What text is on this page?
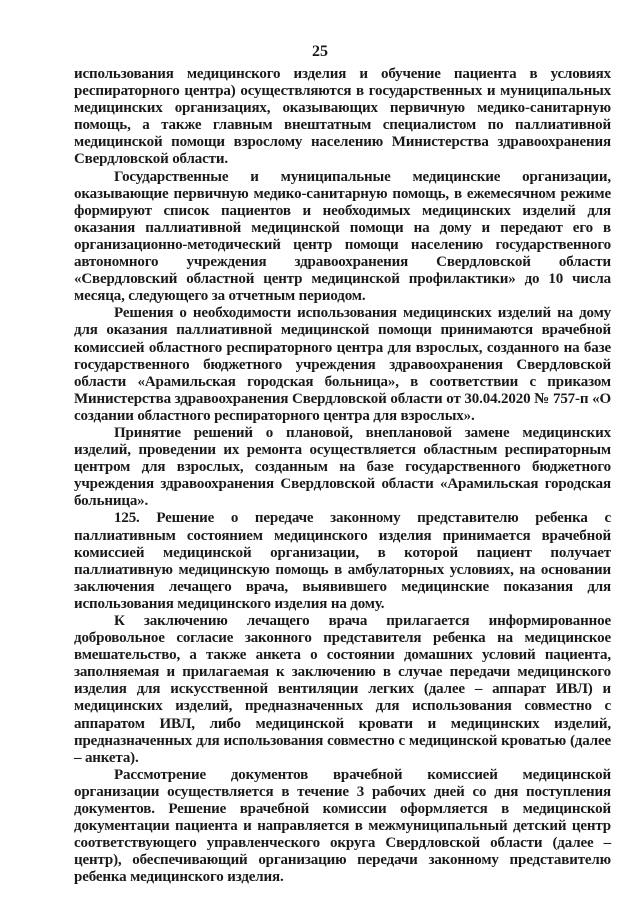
25

использования медицинского изделия и обучение пациента в условиях респираторного центра) осуществляются в государственных и муниципальных медицинских организациях, оказывающих первичную медико-санитарную помощь, а также главным внештатным специалистом по паллиативной медицинской помощи взрослому населению Министерства здравоохранения Свердловской области.

Государственные и муниципальные медицинские организации, оказывающие первичную медико-санитарную помощь, в ежемесячном режиме формируют список пациентов и необходимых медицинских изделий для оказания паллиативной медицинской помощи на дому и передают его в организационно-методический центр помощи населению государственного автономного учреждения здравоохранения Свердловской области «Свердловский областной центр медицинской профилактики» до 10 числа месяца, следующего за отчетным периодом.

Решения о необходимости использования медицинских изделий на дому для оказания паллиативной медицинской помощи принимаются врачебной комиссией областного респираторного центра для взрослых, созданного на базе государственного бюджетного учреждения здравоохранения Свердловской области «Арамильская городская больница», в соответствии с приказом Министерства здравоохранения Свердловской области от 30.04.2020 № 757-п «О создании областного респираторного центра для взрослых».

Принятие решений о плановой, внеплановой замене медицинских изделий, проведении их ремонта осуществляется областным респираторным центром для взрослых, созданным на базе государственного бюджетного учреждения здравоохранения Свердловской области «Арамильская городская больница».

125. Решение о передаче законному представителю ребенка с паллиативным состоянием медицинского изделия принимается врачебной комиссией медицинской организации, в которой пациент получает паллиативную медицинскую помощь в амбулаторных условиях, на основании заключения лечащего врача, выявившего медицинские показания для использования медицинского изделия на дому.

К заключению лечащего врача прилагается информированное добровольное согласие законного представителя ребенка на медицинское вмешательство, а также анкета о состоянии домашних условий пациента, заполняемая и прилагаемая к заключению в случае передачи медицинского изделия для искусственной вентиляции легких (далее – аппарат ИВЛ) и медицинских изделий, предназначенных для использования совместно с аппаратом ИВЛ, либо медицинской кровати и медицинских изделий, предназначенных для использования совместно с медицинской кроватью (далее – анкета).

Рассмотрение документов врачебной комиссией медицинской организации осуществляется в течение 3 рабочих дней со дня поступления документов. Решение врачебной комиссии оформляется в медицинской документации пациента и направляется в межмуниципальный детский центр соответствующего управленческого округа Свердловской области (далее – центр), обеспечивающий организацию передачи законному представителю ребенка медицинского изделия.
